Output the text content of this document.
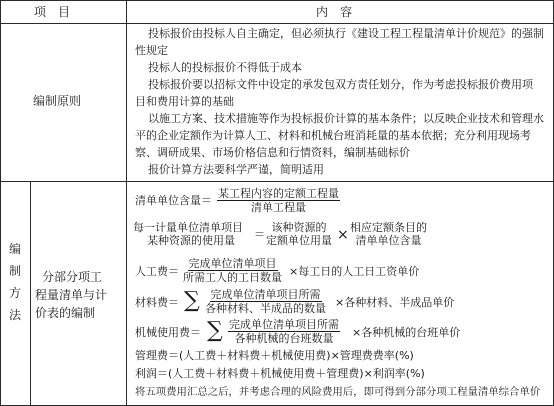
项　目	内　容
编制原则
投标报价由投标人自主确定，但必须执行《建设工程工程量清单计价规范》的强制
性规定
投标人的投标报价不得低于成本
投标报价要以招标文件中设定的承发包双方责任划分，作为考虑投标报价费用项
目和费用计算的基础
以施工方案、技术措施等作为投标报价计算的基本条件；以反映企业技术和管理水
平的企业定额作为计算人工、材料和机械台班消耗量的基本依据；充分利用现场考
察、调研成果、市场价格信息和行情资料，编制基础标价
报价计算方法要科学严谨，简明适用
编制方法
分部分项工
程量清单与计
价表的编制
清单单位含量＝
某工程内容的定额工程量
清单工程量
每一计量单位清单项目
某种资源的使用量 ＝
该种资源的
定额单位用量 × 相应定额条目的
清单单位含量
人工费＝
完成单位清单项目
所需工人的工日数量 ×每工日的人工日工资单价
材料费＝ ∑ 完成单位清单项目所需
各种材料、半成品的数量 ×各种材料、半成品单价
机械使用费＝ ∑ 完成单位清单项目所需
各种机械的台班数量 ×各种机械的台班单价
管理费＝(人工费＋材料费＋机械使用费)×管理费费率(%)
利润＝(人工费＋材料费＋机械使用费＋管理费)×利润率(%)
将五项费用汇总之后，并考虑合理的风险费用后，即可得到分部分项工程量清单综合单价
